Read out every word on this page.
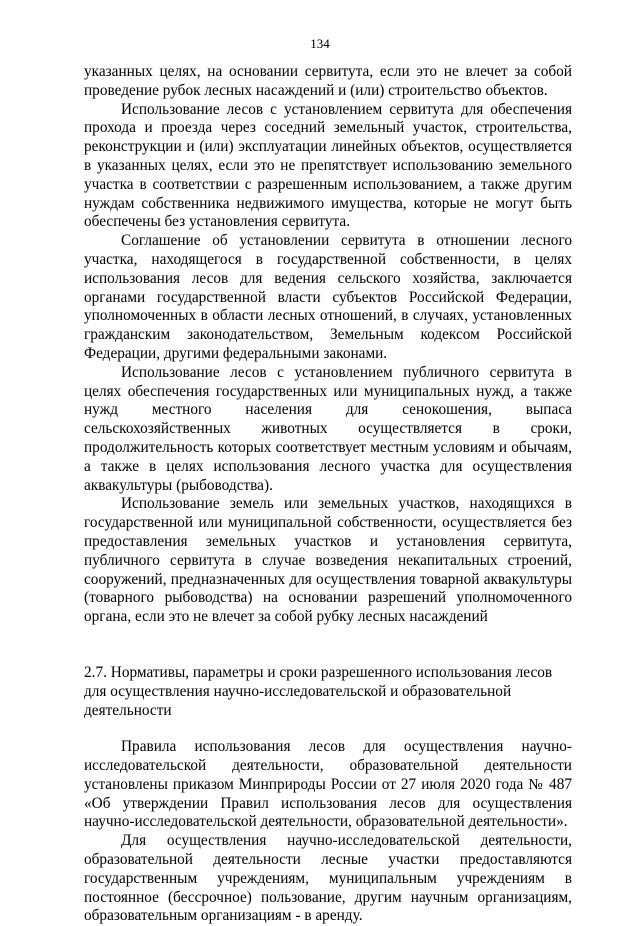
134

указанных целях, на основании сервитута, если это не влечет за собой проведение рубок лесных насаждений и (или) строительство объектов.

Использование лесов с установлением сервитута для обеспечения прохода и проезда через соседний земельный участок, строительства, реконструкции и (или) эксплуатации линейных объектов, осуществляется в указанных целях, если это не препятствует использованию земельного участка в соответствии с разрешенным использованием, а также другим нуждам собственника недвижимого имущества, которые не могут быть обеспечены без установления сервитута.

Соглашение об установлении сервитута в отношении лесного участка, находящегося в государственной собственности, в целях использования лесов для ведения сельского хозяйства, заключается органами государственной власти субъектов Российской Федерации, уполномоченных в области лесных отношений, в случаях, установленных гражданским законодательством, Земельным кодексом Российской Федерации, другими федеральными законами.

Использование лесов с установлением публичного сервитута в целях обеспечения государственных или муниципальных нужд, а также нужд местного населения для сенокошения, выпаса сельскохозяйственных животных осуществляется в сроки, продолжительность которых соответствует местным условиям и обычаям, а также в целях использования лесного участка для осуществления аквакультуры (рыбоводства).

Использование земель или земельных участков, находящихся в государственной или муниципальной собственности, осуществляется без предоставления земельных участков и установления сервитута, публичного сервитута в случае возведения некапитальных строений, сооружений, предназначенных для осуществления товарной аквакультуры (товарного рыбоводства) на основании разрешений уполномоченного органа, если это не влечет за собой рубку лесных насаждений

2.7. Нормативы, параметры и сроки разрешенного использования лесов для осуществления научно-исследовательской и образовательной деятельности

Правила использования лесов для осуществления научно-исследовательской деятельности, образовательной деятельности установлены приказом Минприроды России от 27 июля 2020 года № 487 «Об утверждении Правил использования лесов для осуществления научно-исследовательской деятельности, образовательной деятельности».

Для осуществления научно-исследовательской деятельности, образовательной деятельности лесные участки предоставляются государственным учреждениям, муниципальным учреждениям в постоянное (бессрочное) пользование, другим научным организациям, образовательным организациям - в аренду.
